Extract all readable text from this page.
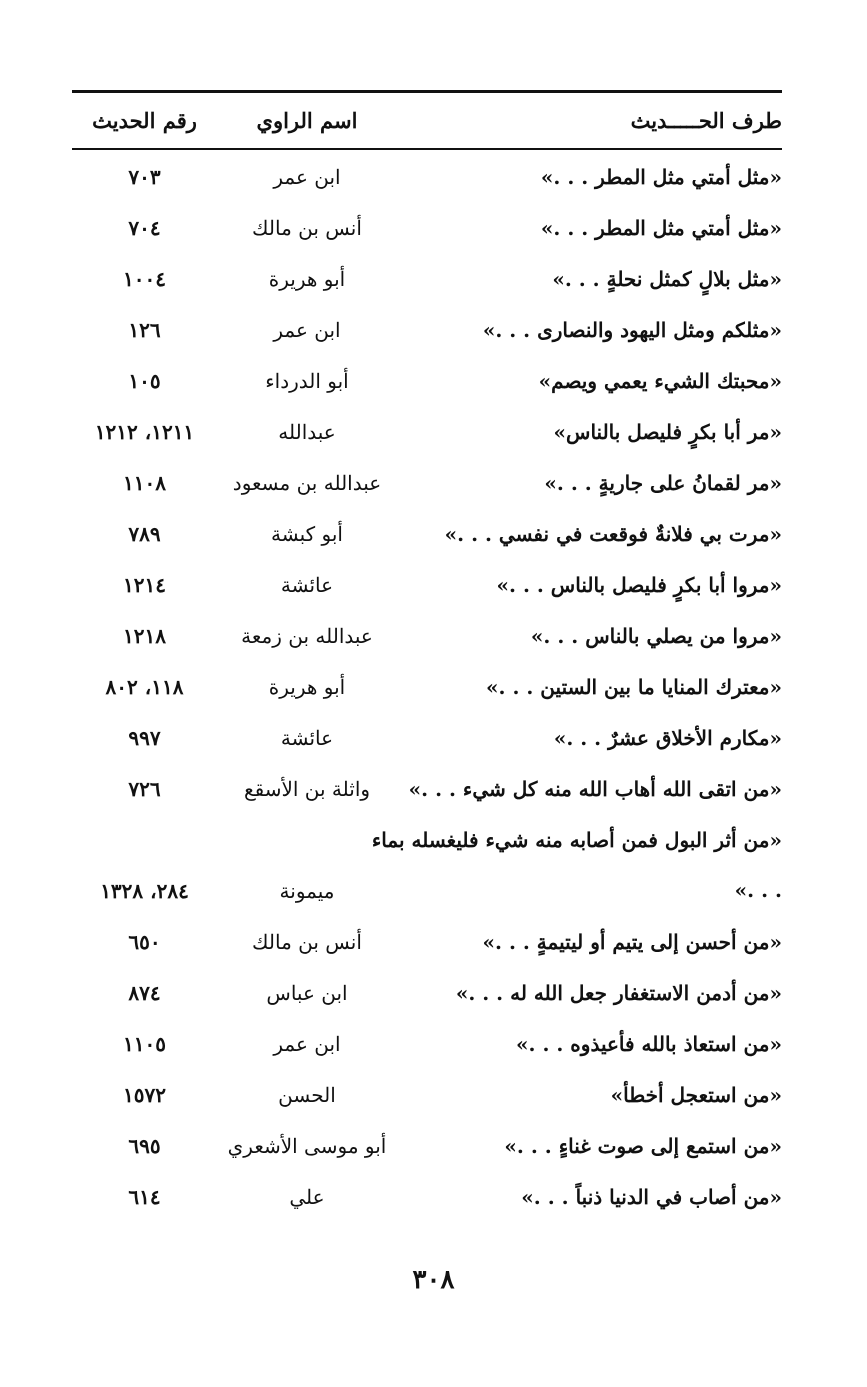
طرف الحـــــديث
اسم الراوي
رقم الحديث
«مثل أمتي مثل المطر . . .»
ابن عمر
٧٠٣
«مثل أمتي مثل المطر . . .»
أنس بن مالك
٧٠٤
«مثل بلالٍ كمثل نحلةٍ . . .»
أبو هريرة
١٠٠٤
«مثلكم ومثل اليهود والنصارى . . .»
ابن عمر
١٢٦
«محبتك الشيء يعمي ويصم»
أبو الدرداء
١٠٥
«مر أبا بكرٍ فليصل بالناس»
عبدالله
١٢١١، ١٢١٢
«مر لقمانُ على جاريةٍ . . .»
عبدالله بن مسعود
١١٠٨
«مرت بي فلانةٌ فوقعت في نفسي . . .»
أبو كبشة
٧٨٩
«مروا أبا بكرٍ فليصل بالناس . . .»
عائشة
١٢١٤
«مروا من يصلي بالناس . . .»
عبدالله بن زمعة
١٢١٨
«معترك المنايا ما بين الستين . . .»
أبو هريرة
١١٨، ٨٠٢
«مكارم الأخلاق عشرٌ . . .»
عائشة
٩٩٧
«من اتقى الله أهاب الله منه كل شيء . . .»
واثلة بن الأسقع
٧٢٦
«من أثر البول فمن أصابه منه شيء فليغسله بماء . . .»
ميمونة
٢٨٤، ١٣٢٨
«من أحسن إلى يتيم أو ليتيمةٍ . . .»
أنس بن مالك
٦٥٠
«من أدمن الاستغفار جعل الله له . . .»
ابن عباس
٨٧٤
«من استعاذ بالله فأعيذوه . . .»
ابن عمر
١١٠٥
«من استعجل أخطأ»
الحسن
١٥٧٢
«من استمع إلى صوت غناءٍ . . .»
أبو موسى الأشعري
٦٩٥
«من أصاب في الدنيا ذنباً . . .»
علي
٦١٤
٣٠٨
